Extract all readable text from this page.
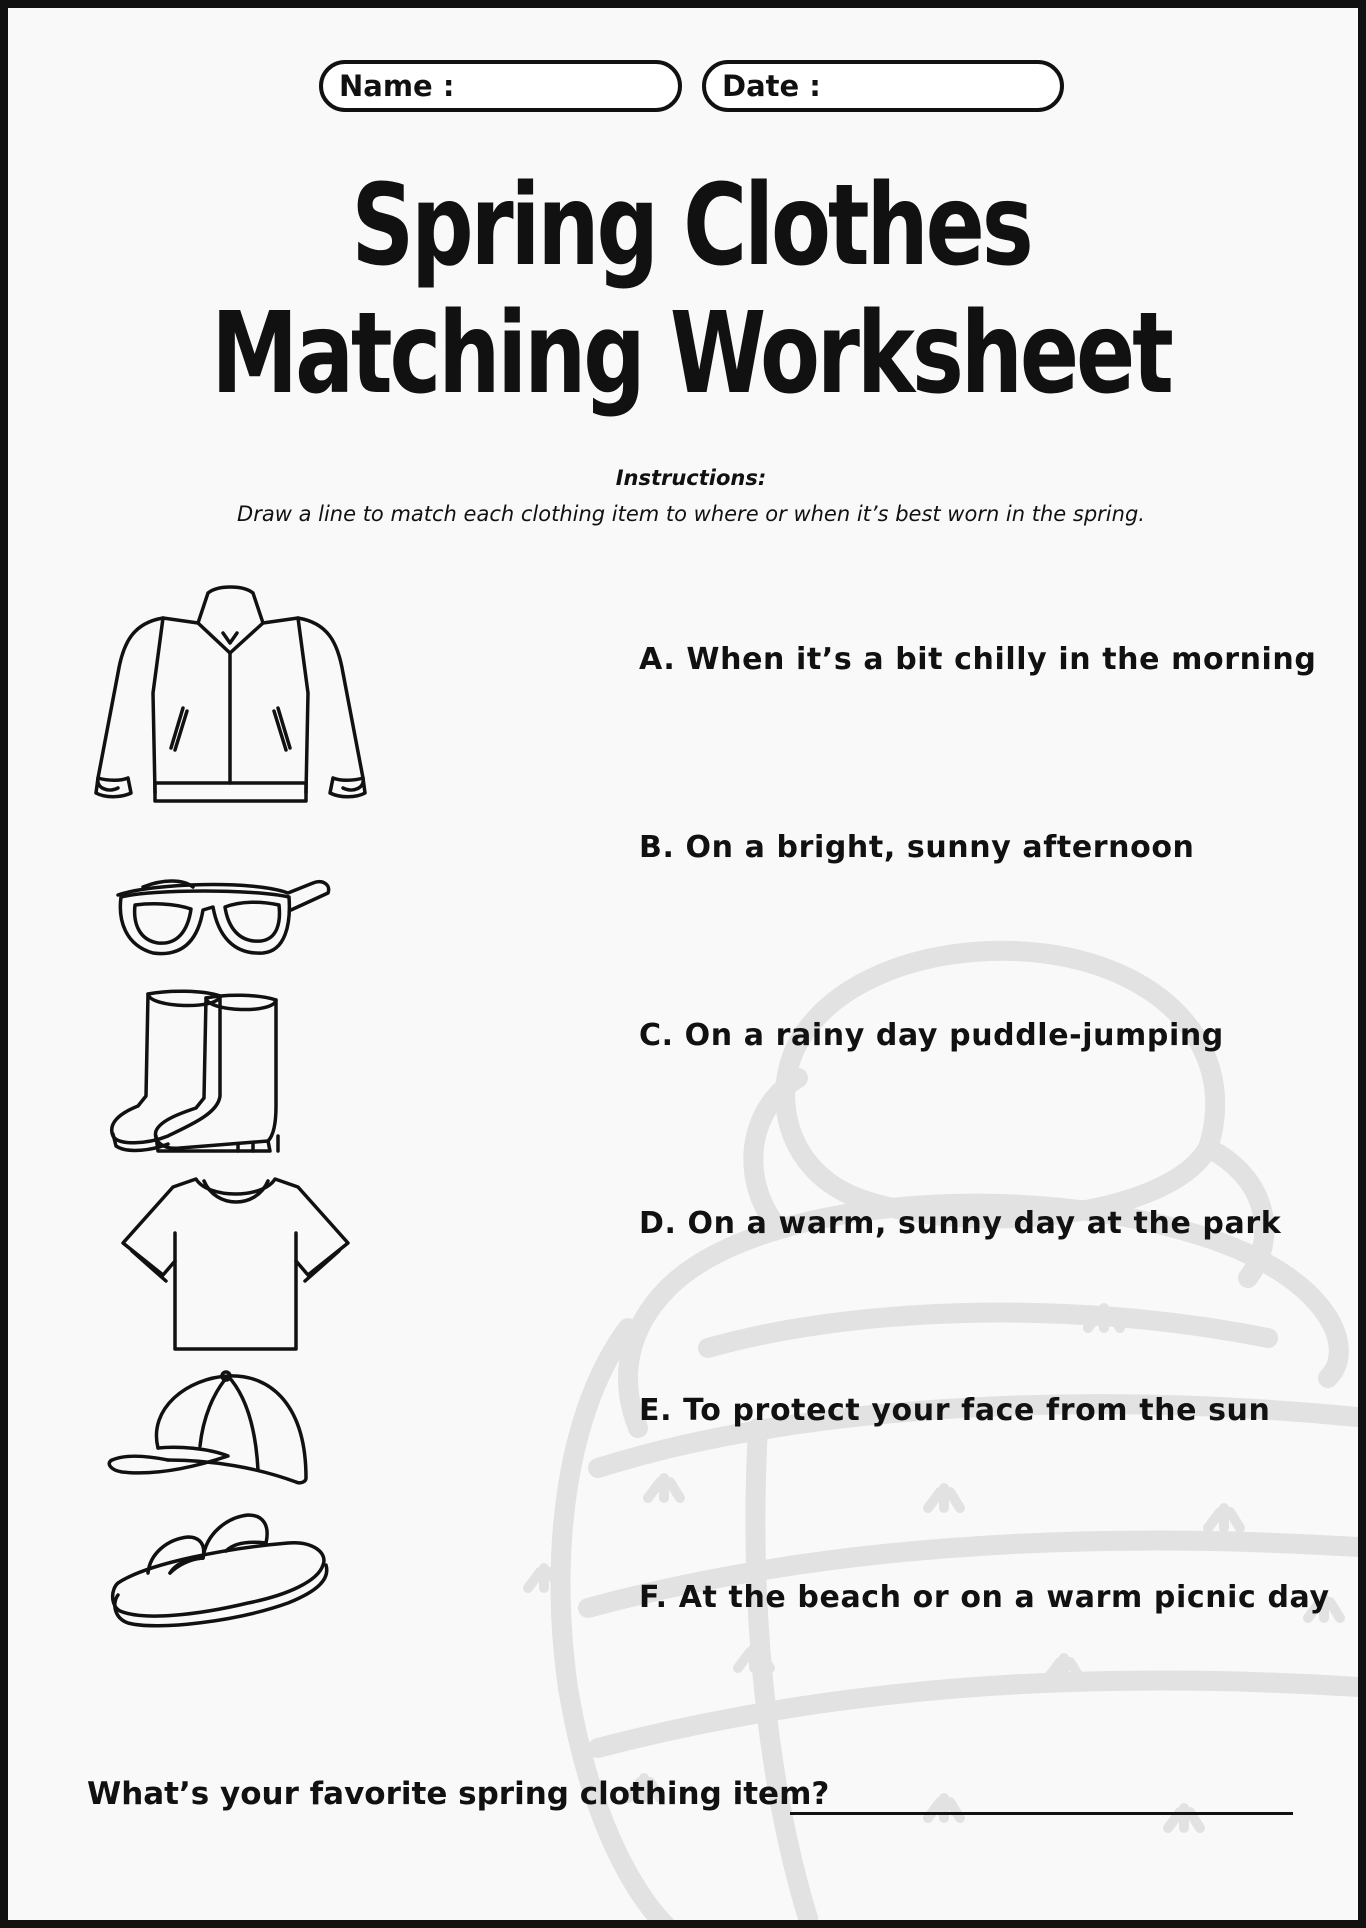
Name :	Date :
Spring Clothes
Matching Worksheet
Instructions:
Draw a line to match each clothing item to where or when it’s best worn in the spring.
A. When it’s a bit chilly in the morning
B. On a bright, sunny afternoon
C. On a rainy day puddle-jumping
D. On a warm, sunny day at the park
E. To protect your face from the sun
F. At the beach or on a warm picnic day
What’s your favorite spring clothing item?
